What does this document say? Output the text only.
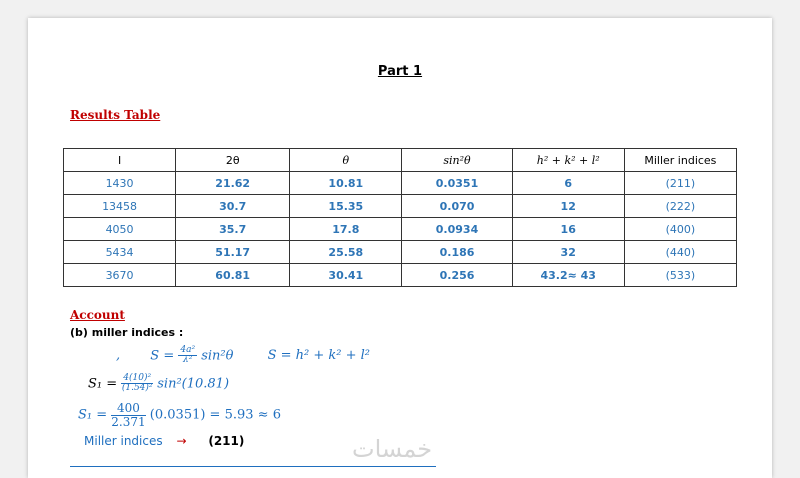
Part 1
Results Table
I	2θ	θ	sin²θ	h² + k² + l²	Miller indices
1430	21.62	10.81	0.0351	6	(211)
13458	30.7	15.35	0.070	12	(222)
4050	35.7	17.8	0.0934	16	(400)
5434	51.17	25.58	0.186	32	(440)
3670	60.81	30.41	0.256	43.2≈ 43	(533)
Account
(b) miller indices :
, $S = \frac{\text{4a²}}{\text{λ²}} \sin^2\theta$	S = h² + k² + l²
$S_1 = \frac{\text{4(10)²}}{\text{(1.54)²}} \sin^2(10.81)$
$S_1 = \frac{400}{2.371} (0.0351) = 5.93 \approx 6$
Miller indices → (211)	خمسات
